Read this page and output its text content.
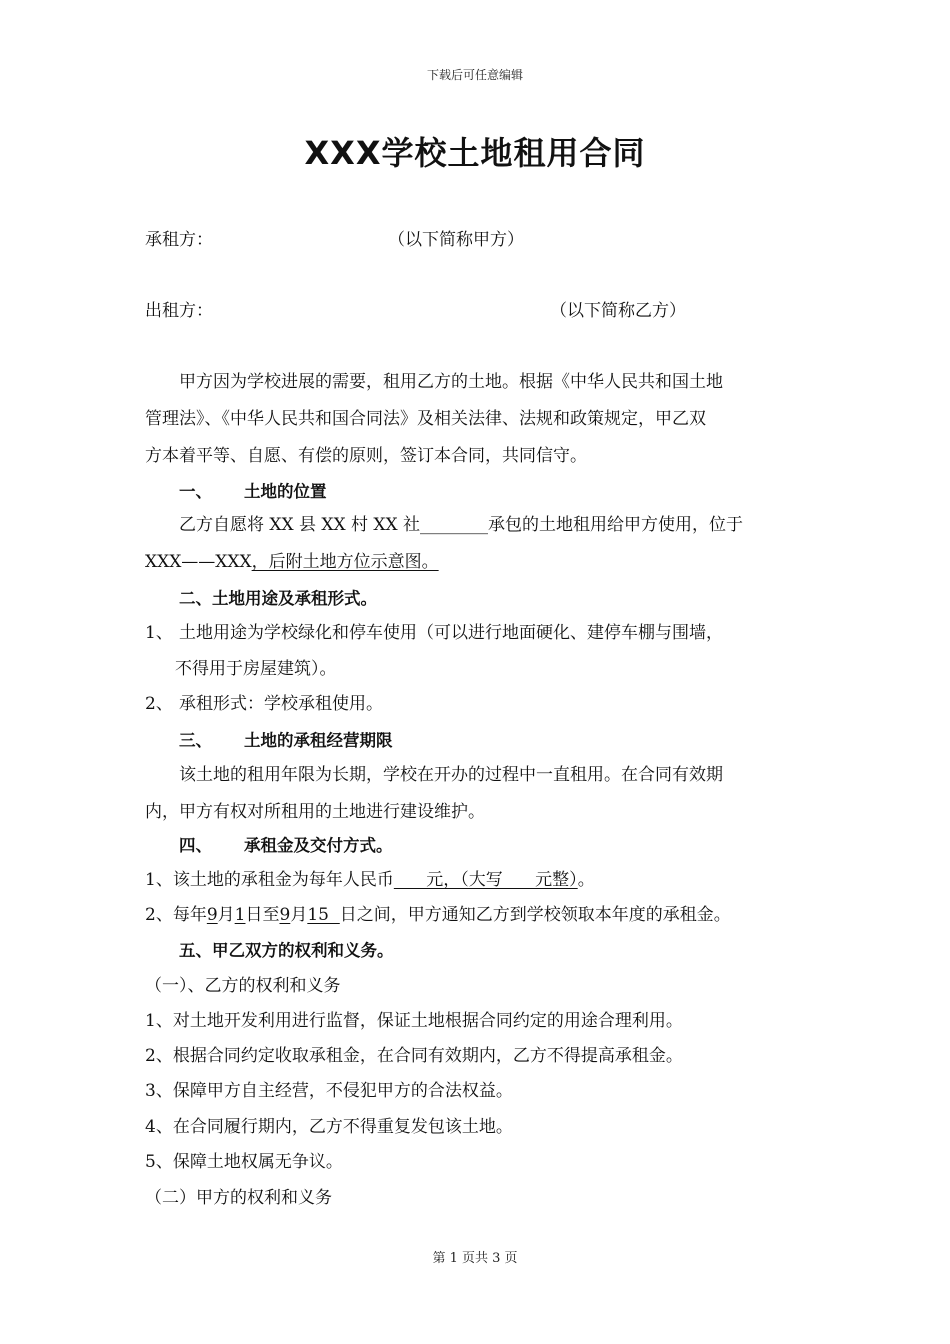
下载后可任意编辑
XXX学校土地租用合同
承租方：	（以下简称甲方）
出租方：	（以下简称乙方）
甲方因为学校进展的需要，租用乙方的土地。根据《中华人民共和国土地
管理法》、《中华人民共和国合同法》及相关法律、法规和政策规定，甲乙双
方本着平等、自愿、有偿的原则，签订本合同，共同信守。
一、 土地的位置
乙方自愿将 XX 县 XX 村 XX 社________承包的土地租用给甲方使用，位于
XXX——XXX，后附土地方位示意图。
二、土地用途及承租形式。
1、 土地用途为学校绿化和停车使用（可以进行地面硬化、建停车棚与围墙，
不得用于房屋建筑）。
2、 承租形式：学校承租使用。
三、 土地的承租经营期限
该土地的租用年限为长期，学校在开办的过程中一直租用。在合同有效期
内，甲方有权对所租用的土地进行建设维护。
四、 承租金及交付方式。
1、该土地的承租金为每年人民币      元，（大写      元整）。
2、每年9月1日至9月15  日之间，甲方通知乙方到学校领取本年度的承租金。
五、甲乙双方的权利和义务。
（一）、乙方的权利和义务
1、对土地开发利用进行监督，保证土地根据合同约定的用途合理利用。
2、根据合同约定收取承租金，在合同有效期内，乙方不得提高承租金。
3、保障甲方自主经营，不侵犯甲方的合法权益。
4、在合同履行期内，乙方不得重复发包该土地。
5、保障土地权属无争议。
（二）甲方的权利和义务
第 1 页共 3 页
